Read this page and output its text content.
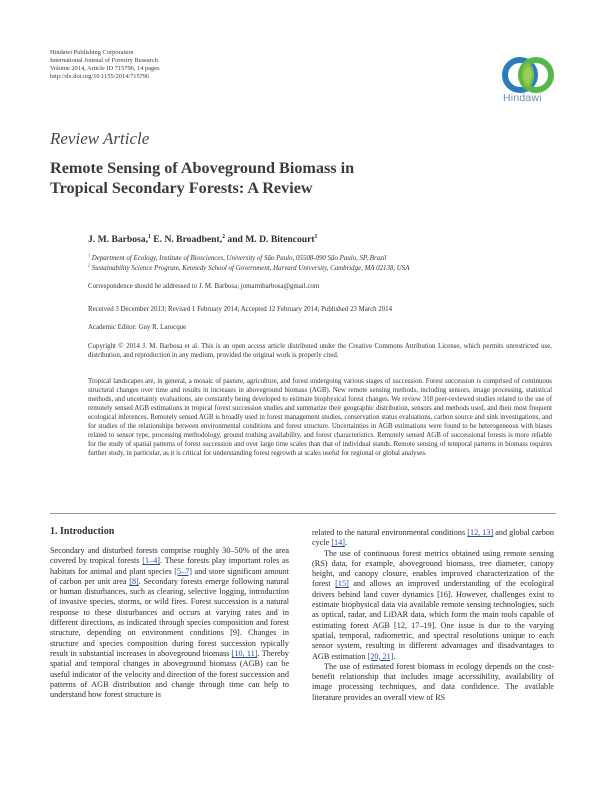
Hindawi Publishing Corporation
International Journal of Forestry Research
Volume 2014, Article ID 715796, 14 pages
http://dx.doi.org/10.1155/2014/715796
Hindawi
Review Article
Remote Sensing of Aboveground Biomass in
Tropical Secondary Forests: A Review
J. M. Barbosa,$^1$ E. N. Broadbent,$^2$ and M. D. Bitencourt$^1$
$^1$ Department of Ecology, Institute of Biosciences, University of São Paulo, 05508-090 São Paulo, SP, Brazil
$^2$ Sustainability Science Program, Kennedy School of Government, Harvard University, Cambridge, MA 02138, USA
Correspondence should be addressed to J. M. Barbosa; jomarmbarbosa@gmail.com
Received 3 December 2013; Revised 1 February 2014; Accepted 12 February 2014; Published 23 March 2014
Academic Editor: Guy R. Larocque
Copyright © 2014 J. M. Barbosa et al. This is an open access article distributed under the Creative Commons Attribution License, which permits unrestricted use, distribution, and reproduction in any medium, provided the original work is properly cited.
Tropical landscapes are, in general, a mosaic of pasture, agriculture, and forest undergoing various stages of succession. Forest succession is comprised of continuous structural changes over time and results in increases in aboveground biomass (AGB). New remote sensing methods, including sensors, image processing, statistical methods, and uncertainty evaluations, are constantly being developed to estimate biophysical forest changes. We review 318 peer-reviewed studies related to the use of remotely sensed AGB estimations in tropical forest succession studies and summarize their geographic distribution, sensors and methods used, and their most frequent ecological inferences. Remotely sensed AGB is broadly used in forest management studies, conservation status evaluations, carbon source and sink investigations, and for studies of the relationships between environmental conditions and forest structure. Uncertainties in AGB estimations were found to be heterogeneous with biases related to sensor type, processing methodology, ground truthing availability, and forest characteristics. Remotely sensed AGB of successional forests is more reliable for the study of spatial patterns of forest succession and over large time scales than that of individual stands. Remote sensing of temporal patterns in biomass requires further study, in particular, as it is critical for understanding forest regrowth at scales useful for regional or global analyses.
1. Introduction

Secondary and disturbed forests comprise roughly 30–50% of the area covered by tropical forests [1–4]. These forests play important roles as habitats for animal and plant species [5–7] and store significant amount of carbon per unit area [8]. Secondary forests emerge following natural or human disturbances, such as clearing, selective logging, introduction of invasive species, storms, or wild fires. Forest succession is a natural response to these disturbances and occurs at varying rates and in different directions, as indicated through species composition and forest structure, depending on environment conditions [9]. Changes in structure and species composition during forest succession typically result in substantial increases in aboveground biomass [10, 11]. Thereby spatial and temporal changes in aboveground biomass (AGB) can be useful indicator of the velocity and direction of the forest succession and patterns of AGB distribution and change through time can help to understand how forest structure is

related to the natural environmental conditions [12, 13] and global carbon cycle [14].

The use of continuous forest metrics obtained using remote sensing (RS) data, for example, aboveground biomass, tree diameter, canopy height, and canopy closure, enables improved characterization of the forest [15] and allows an improved understanding of the ecological drivers behind land cover dynamics [16]. However, challenges exist to estimate biophysical data via available remote sensing technologies, such as optical, radar, and LiDAR data, which form the main tools capable of estimating forest AGB [12, 17–19]. One issue is due to the varying spatial, temporal, radiometric, and spectral resolutions unique to each sensor system, resulting in different advantages and disadvantages to AGB estimation [20, 21].

The use of estimated forest biomass in ecology depends on the cost-benefit relationship that includes image accessibility, availability of image processing techniques, and data confidence. The available literature provides an overall view of RS
